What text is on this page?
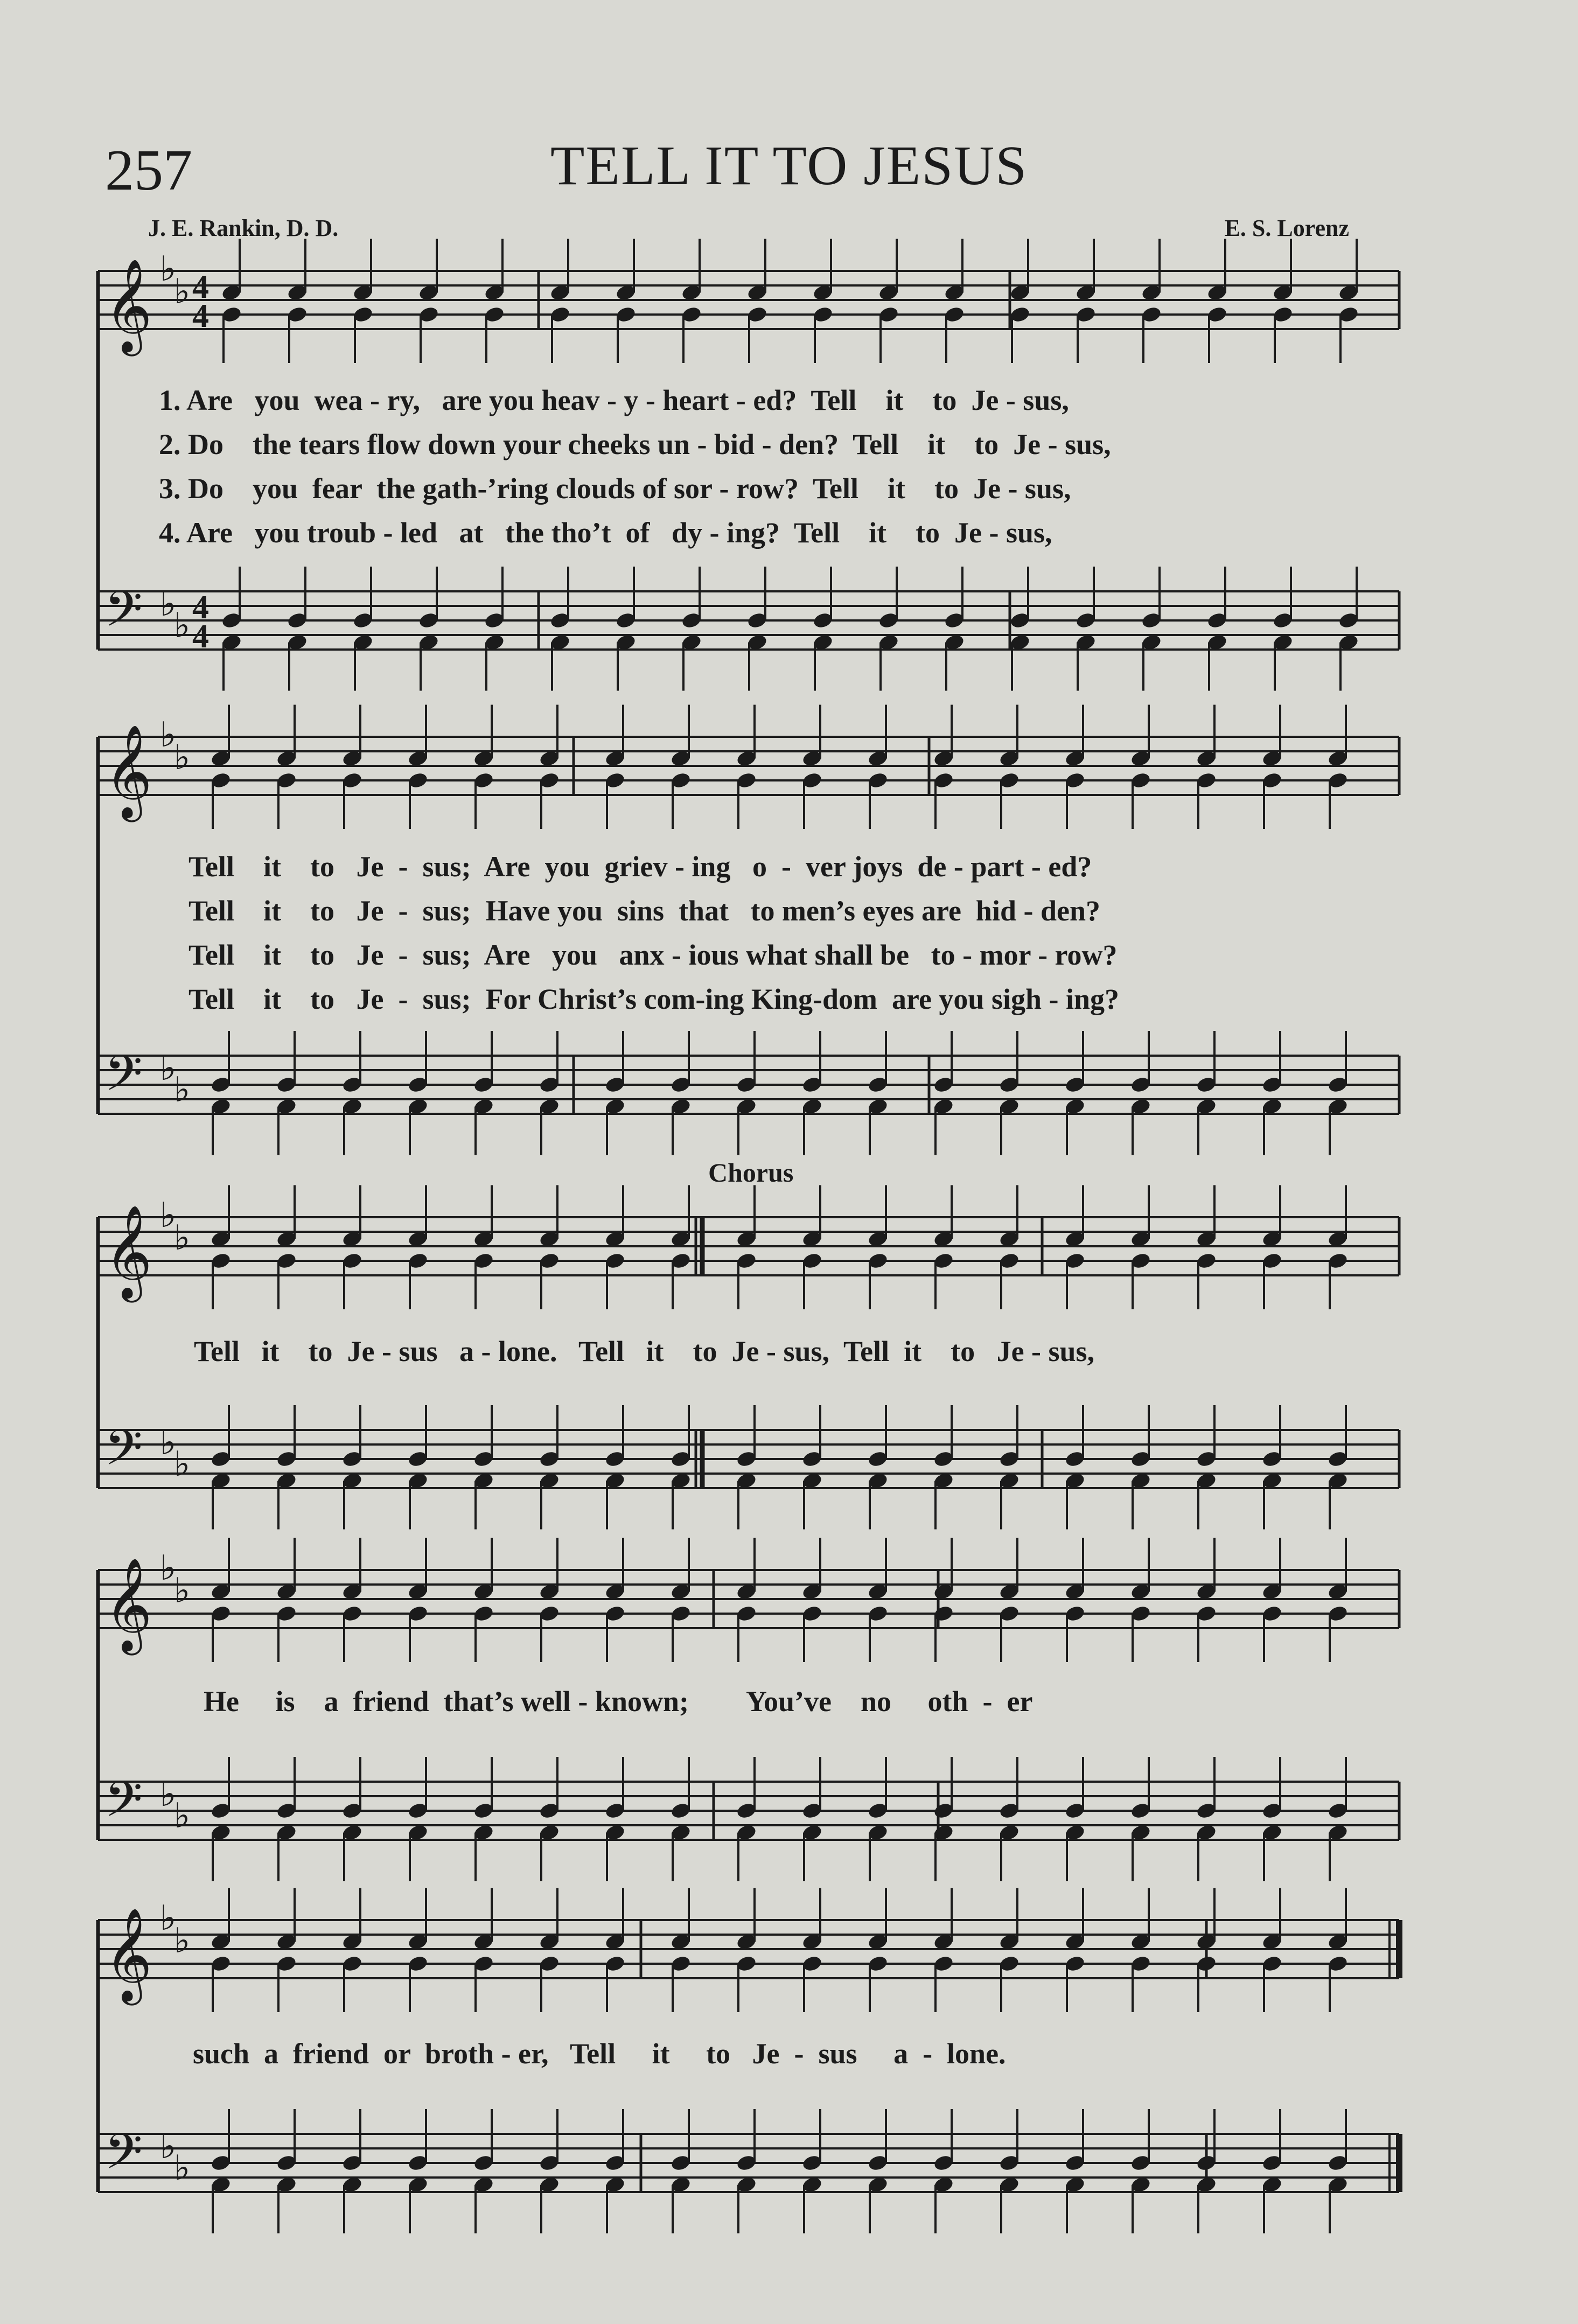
257	TELL IT TO JESUS
J. E. Rankin, D. D.	E. S. Lorenz
𝄞 ♭
♭ 4
4
𝄢 ♭
♭ 4
4
𝄞 ♭
♭
𝄢 ♭
♭
𝄞 ♭
♭
𝄢 ♭
♭
𝄞 ♭
♭
𝄢 ♭
♭
𝄞 ♭
♭
𝄢 ♭
♭
1. Are   you  wea - ry,   are you heav - y - heart - ed?  Tell    it    to  Je - sus,
2. Do    the tears flow down your cheeks un - bid - den?  Tell    it    to  Je - sus,
3. Do    you  fear  the gath-’ring clouds of sor - row?  Tell    it    to  Je - sus,
4. Are   you troub - led   at   the tho’t  of   dy - ing?  Tell    it    to  Je - sus,
Tell    it    to   Je  -  sus;  Are  you  griev - ing   o  -  ver joys  de - part - ed?
Tell    it    to   Je  -  sus;  Have you  sins  that   to men’s eyes are  hid - den?
Tell    it    to   Je  -  sus;  Are   you   anx - ious what shall be   to - mor - row?
Tell    it    to   Je  -  sus;  For Christ’s com-ing King-dom  are you sigh - ing?
Chorus
Tell   it    to  Je - sus   a - lone.   Tell   it    to  Je - sus,  Tell  it    to   Je - sus,
He     is    a  friend  that’s well - known;        You’ve    no     oth  -  er
such  a  friend  or  broth - er,   Tell     it     to   Je  -  sus     a  -  lone.
